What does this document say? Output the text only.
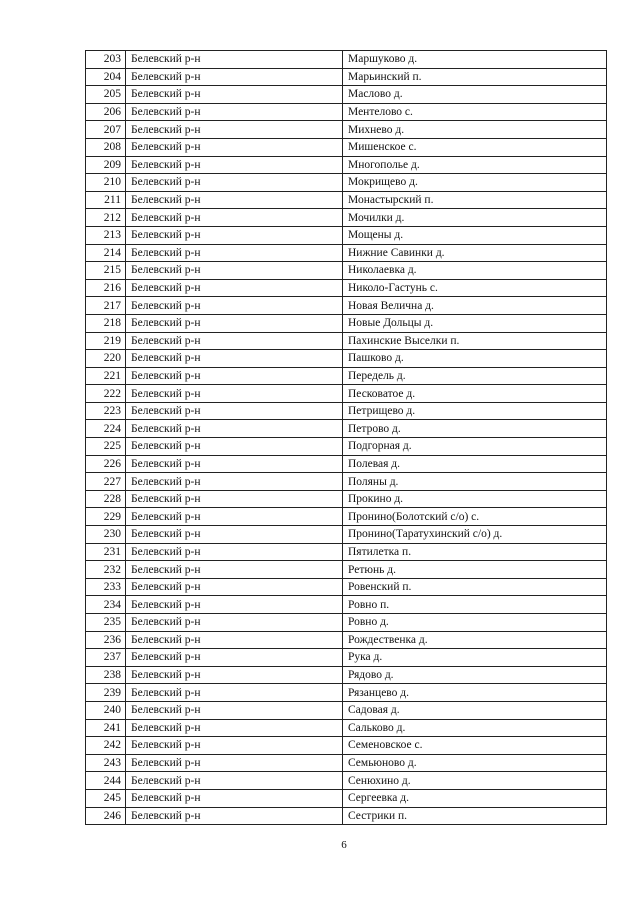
203	Белевский р-н	Маршуково д.
204	Белевский р-н	Марьинский п.
205	Белевский р-н	Маслово д.
206	Белевский р-н	Ментелово с.
207	Белевский р-н	Михнево д.
208	Белевский р-н	Мишенское с.
209	Белевский р-н	Многополье д.
210	Белевский р-н	Мокрищево д.
211	Белевский р-н	Монастырский п.
212	Белевский р-н	Мочилки д.
213	Белевский р-н	Мощены д.
214	Белевский р-н	Нижние Савинки д.
215	Белевский р-н	Николаевка д.
216	Белевский р-н	Николо-Гастунь с.
217	Белевский р-н	Новая Велична д.
218	Белевский р-н	Новые Дольцы д.
219	Белевский р-н	Пахинские Выселки п.
220	Белевский р-н	Пашково д.
221	Белевский р-н	Передель д.
222	Белевский р-н	Песковатое д.
223	Белевский р-н	Петрищево д.
224	Белевский р-н	Петрово д.
225	Белевский р-н	Подгорная д.
226	Белевский р-н	Полевая д.
227	Белевский р-н	Поляны д.
228	Белевский р-н	Прокино д.
229	Белевский р-н	Пронино(Болотский с/о) с.
230	Белевский р-н	Пронино(Таратухинский с/о) д.
231	Белевский р-н	Пятилетка п.
232	Белевский р-н	Ретюнь д.
233	Белевский р-н	Ровенский п.
234	Белевский р-н	Ровно п.
235	Белевский р-н	Ровно д.
236	Белевский р-н	Рождественка д.
237	Белевский р-н	Рука д.
238	Белевский р-н	Рядово д.
239	Белевский р-н	Рязанцево д.
240	Белевский р-н	Садовая д.
241	Белевский р-н	Сальково д.
242	Белевский р-н	Семеновское с.
243	Белевский р-н	Семьюново д.
244	Белевский р-н	Сенюхино д.
245	Белевский р-н	Сергеевка д.
246	Белевский р-н	Сестрики п.
6
